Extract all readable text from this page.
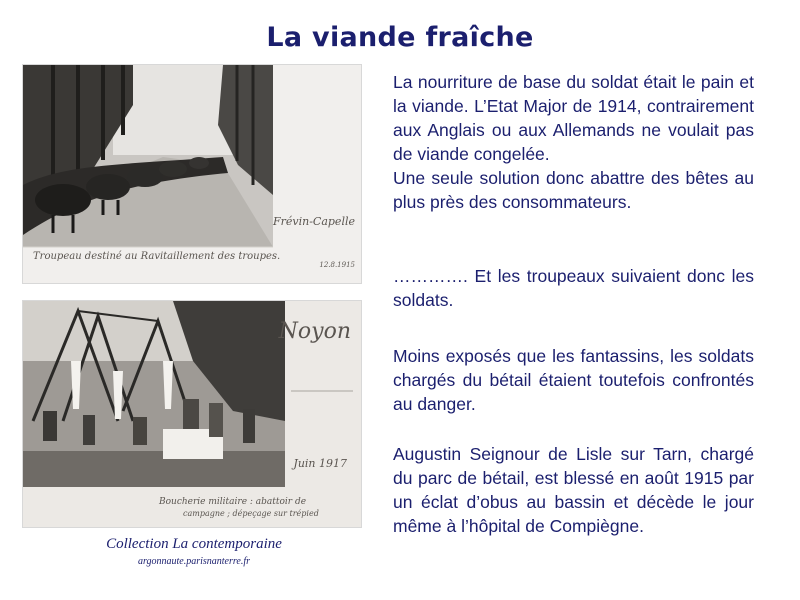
La viande fraîche
Troupeau destiné au Ravitaillement des troupes.
Frévin-Capelle
12.8.1915
Noyon
Juin 1917
Boucherie militaire : abattoir de
campagne ; dépeçage sur trépied
Collection La contemporaine
argonnaute.parisnanterre.fr

La nourriture de base du soldat était le pain et la viande. L’Etat Major de 1914, contrairement aux Anglais ou aux Allemands ne voulait pas de viande congelée.
Une seule solution donc abattre des bêtes au plus près des consommateurs.

…………. Et les troupeaux suivaient donc les soldats.

Moins exposés que les fantassins, les soldats chargés du bétail étaient toutefois confrontés au danger.

Augustin Seignour de Lisle sur Tarn, chargé du parc de bétail, est blessé en août 1915 par un éclat d’obus au bassin et décède le jour même à l’hôpital de Compiègne.
